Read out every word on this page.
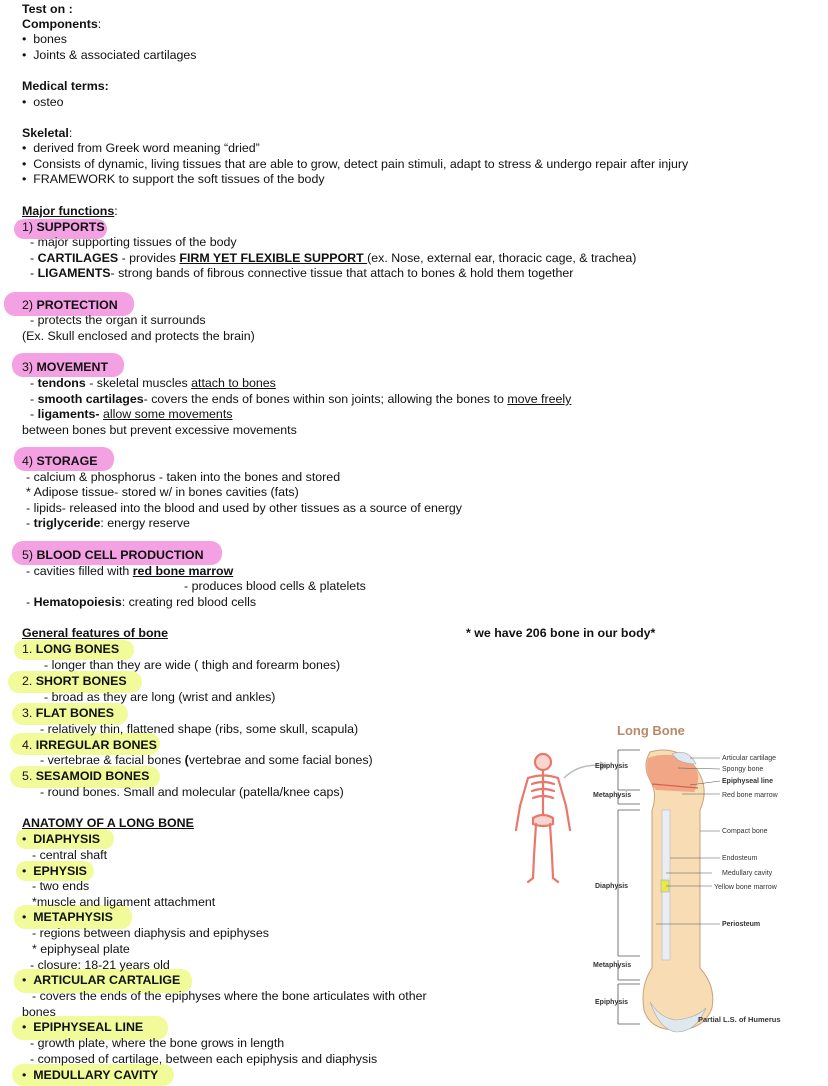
Test on :
Components:
• bones
• Joints & associated cartilages
Medical terms:
• osteo
Skeletal:
• derived from Greek word meaning “dried”
• Consists of dynamic, living tissues that are able to grow, detect pain stimuli, adapt to stress & undergo repair after injury
• FRAMEWORK to support the soft tissues of the body
Major functions:
1) SUPPORTS
- major supporting tissues of the body
- CARTILAGES - provides FIRM YET FLEXIBLE SUPPORT (ex. Nose, external ear, thoracic cage, & trachea)
- LIGAMENTS- strong bands of fibrous connective tissue that attach to bones & hold them together
2) PROTECTION
- protects the organ it surrounds
(Ex. Skull enclosed and protects the brain)
3) MOVEMENT
- tendons - skeletal muscles attach to bones
- smooth cartilages- covers the ends of bones within son joints; allowing the bones to move freely
- ligaments- allow some movements
between bones but prevent excessive movements
4) STORAGE
- calcium & phosphorus - taken into the bones and stored
* Adipose tissue- stored w/ in bones cavities (fats)
- lipids- released into the blood and used by other tissues as a source of energy
- triglyceride: energy reserve
5) BLOOD CELL PRODUCTION
- cavities filled with red bone marrow
- produces blood cells & platelets
- Hematopoiesis: creating red blood cells
General features of bone	* we have 206 bone in our body*
1. LONG BONES
- longer than they are wide ( thigh and forearm bones)
2. SHORT BONES
- broad as they are long (wrist and ankles)
3. FLAT BONES
- relatively thin, flattened shape (ribs, some skull, scapula)
4. IRREGULAR BONES
- vertebrae & facial bones (vertebrae and some facial bones)
5. SESAMOID BONES
- round bones. Small and molecular (patella/knee caps)
ANATOMY OF A LONG BONE
• DIAPHYSIS
- central shaft
• EPHYSIS
- two ends
*muscle and ligament attachment
• METAPHYSIS
- regions between diaphysis and epiphyses
* epiphyseal plate
- closure: 18-21 years old
• ARTICULAR CARTALIGE
- covers the ends of the epiphyses where the bone articulates with other
bones
• EPIPHYSEAL LINE
- growth plate, where the bone grows in length
- composed of cartilage, between each epiphysis and diaphysis
• MEDULLARY CAVITY
Long Bone
Epiphysis
Metaphysis
Diaphysis
Metaphysis
Epiphysis
Articular cartilage
Spongy bone
Epiphyseal line
Red bone marrow
Compact bone
Endosteum
Medullary cavity
Yellow bone marrow
Periosteum
Partial L.S. of Humerus
